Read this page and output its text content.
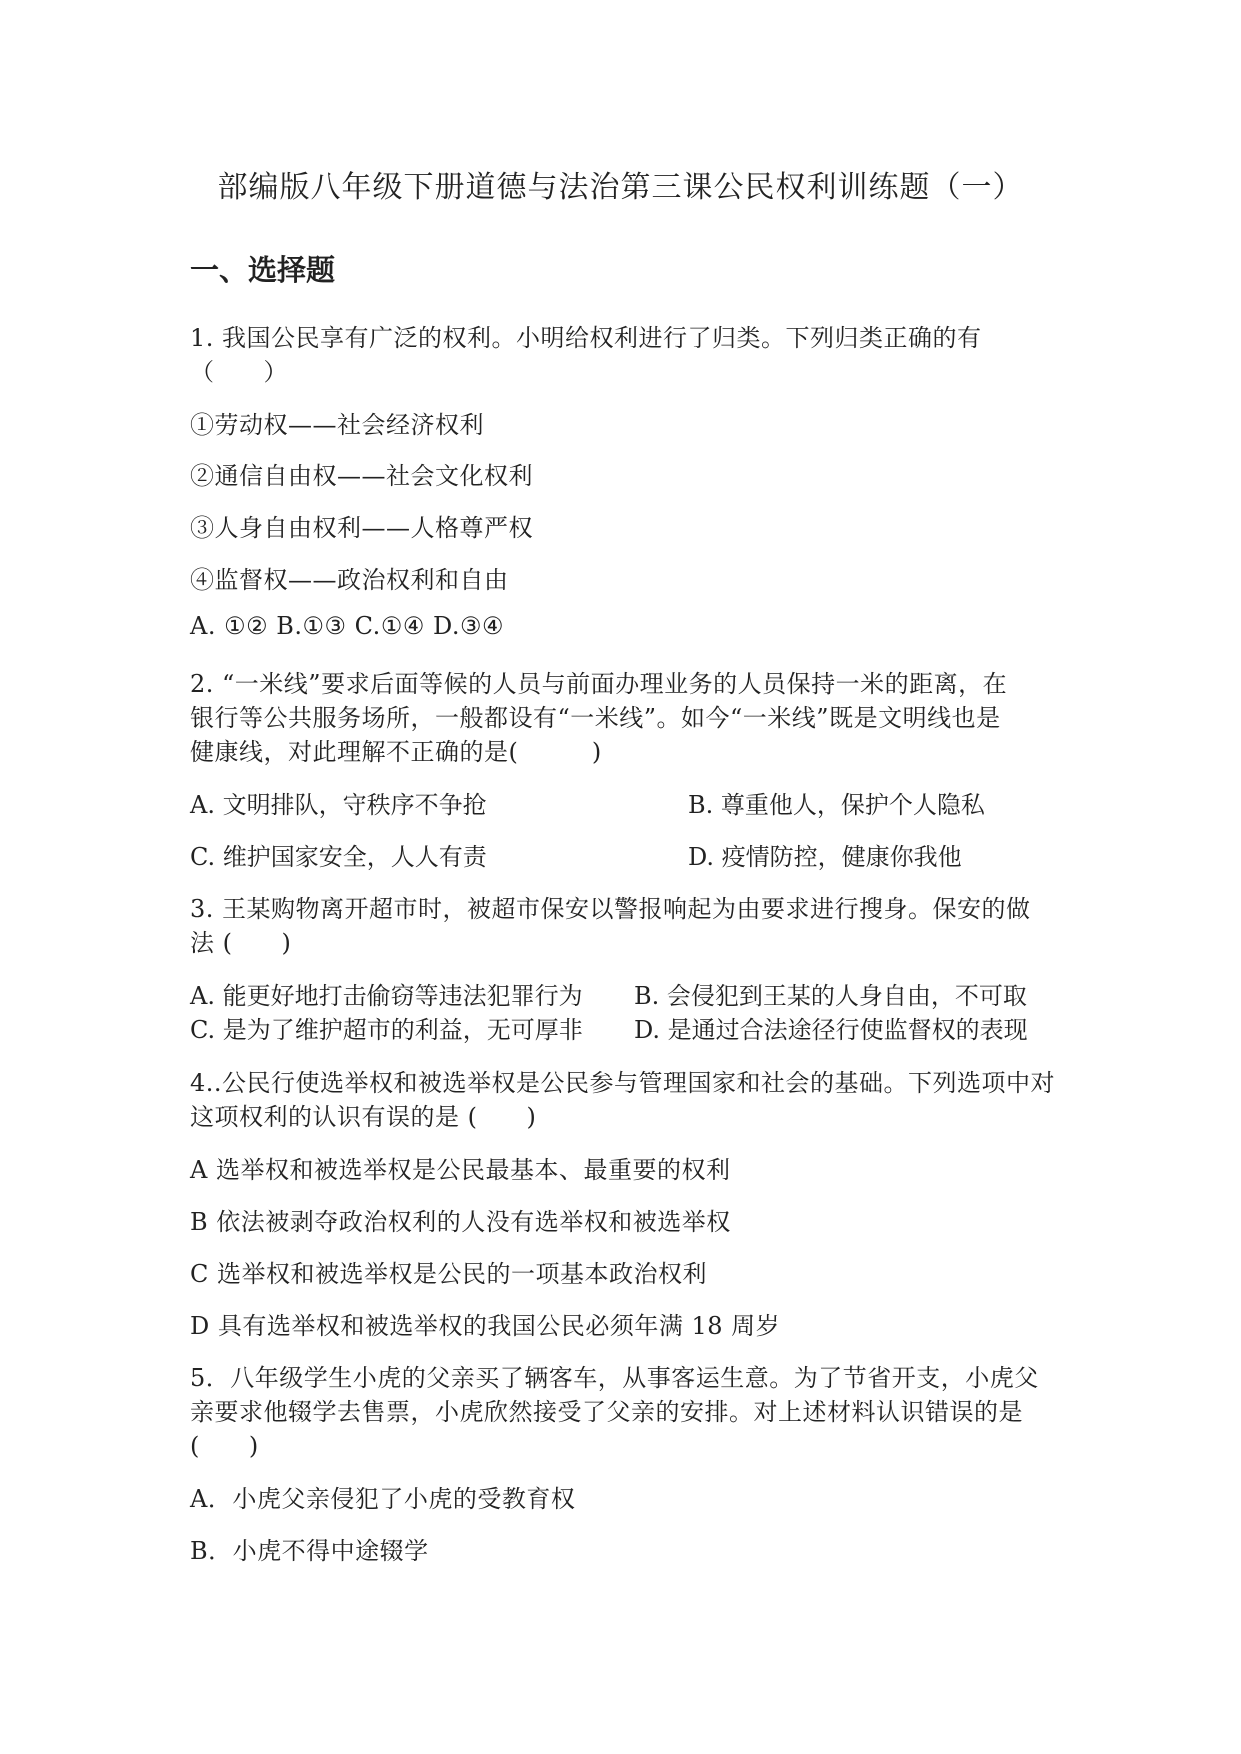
部编版八年级下册道德与法治第三课公民权利训练题（一）
一、选择题
1. 我国公民享有广泛的权利。小明给权利进行了归类。下列归类正确的有
（　　）
①劳动权——社会经济权利
②通信自由权——社会文化权利
③人身自由权利——人格尊严权
④监督权——政治权利和自由
A. ①② B.①③ C.①④ D.③④
2. “一米线”要求后面等候的人员与前面办理业务的人员保持一米的距离，在
银行等公共服务场所，一般都设有“一米线”。如今“一米线”既是文明线也是
健康线，对此理解不正确的是(　　　)
A. 文明排队，守秩序不争抢	B. 尊重他人，保护个人隐私
C. 维护国家安全，人人有责	D. 疫情防控，健康你我他
3. 王某购物离开超市时，被超市保安以警报响起为由要求进行搜身。保安的做
法 (　　)
A. 能更好地打击偷窃等违法犯罪行为 B. 会侵犯到王某的人身自由，不可取
C. 是为了维护超市的利益，无可厚非 D. 是通过合法途径行使监督权的表现
4..公民行使选举权和被选举权是公民参与管理国家和社会的基础。下列选项中对
这项权利的认识有误的是 (　　)
A 选举权和被选举权是公民最基本、最重要的权利
B 依法被剥夺政治权利的人没有选举权和被选举权
C 选举权和被选举权是公民的一项基本政治权利
D 具有选举权和被选举权的我国公民必须年满 18 周岁
5．八年级学生小虎的父亲买了辆客车，从事客运生意。为了节省开支，小虎父
亲要求他辍学去售票，小虎欣然接受了父亲的安排。对上述材料认识错误的是
(　　)
A．小虎父亲侵犯了小虎的受教育权
B．小虎不得中途辍学
